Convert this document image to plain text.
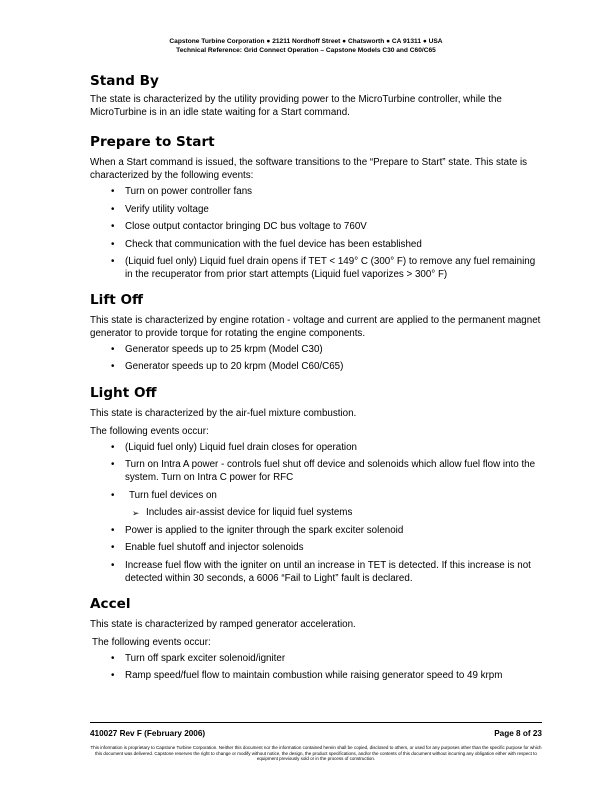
Capstone Turbine Corporation ● 21211 Nordhoff Street ● Chatsworth ● CA 91311 ● USA
Technical Reference: Grid Connect Operation – Capstone Models C30 and C60/C65
Stand By

The state is characterized by the utility providing power to the MicroTurbine controller, while the MicroTurbine is in an idle state waiting for a Start command.

Prepare to Start

When a Start command is issued, the software transitions to the “Prepare to Start” state. This state is characterized by the following events:

• Turn on power controller fans
• Verify utility voltage
• Close output contactor bringing DC bus voltage to 760V
• Check that communication with the fuel device has been established
• (Liquid fuel only) Liquid fuel drain opens if TET < 149° C (300° F) to remove any fuel remaining in the recuperator from prior start attempts (Liquid fuel vaporizes > 300° F)
Lift Off

This state is characterized by engine rotation - voltage and current are applied to the permanent magnet generator to provide torque for rotating the engine components.

• Generator speeds up to 25 krpm (Model C30)
• Generator speeds up to 20 krpm (Model C60/C65)
Light Off

This state is characterized by the air-fuel mixture combustion.

The following events occur:

• (Liquid fuel only) Liquid fuel drain closes for operation
• Turn on Intra A power - controls fuel shut off device and solenoids which allow fuel flow into the system. Turn on Intra C power for RFC
• Turn fuel devices on
➢ Includes air-assist device for liquid fuel systems
• Power is applied to the igniter through the spark exciter solenoid
• Enable fuel shutoff and injector solenoids
• Increase fuel flow with the igniter on until an increase in TET is detected. If this increase is not detected within 30 seconds, a 6006 “Fail to Light” fault is declared.
Accel

This state is characterized by ramped generator acceleration.

The following events occur:

• Turn off spark exciter solenoid/igniter
• Ramp speed/fuel flow to maintain combustion while raising generator speed to 49 krpm
410027 Rev F (February 2006)	Page 8 of 23
This information is proprietary to Capstone Turbine Corporation. Neither this document nor the information contained herein shall be copied, disclosed to others, or used for any purposes other than the specific purpose for which this document was delivered. Capstone reserves the right to change or modify without notice, the design, the product specifications, and/or the contents of this document without incurring any obligation either with respect to equipment previously sold or in the process of construction.
